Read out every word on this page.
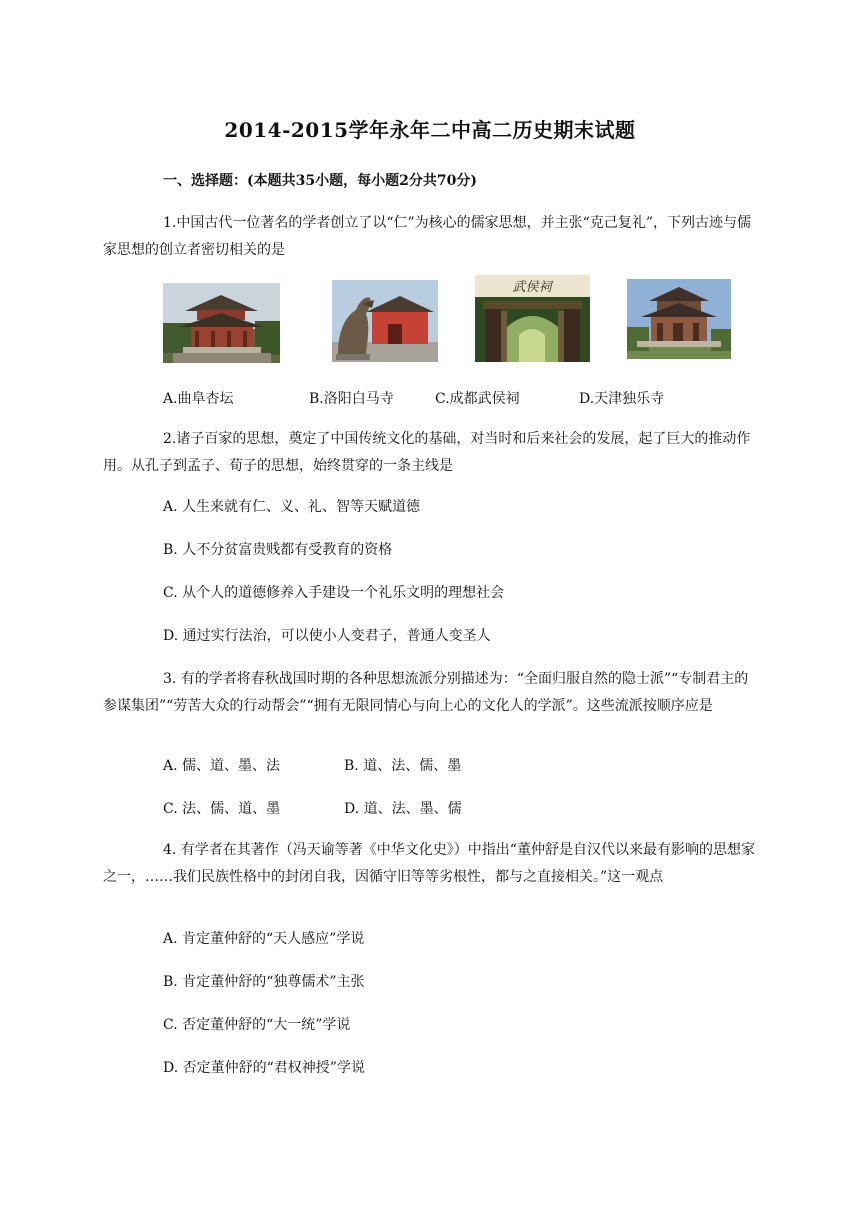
2014-2015学年永年二中高二历史期末试题
一、选择题：(本题共35小题，每小题2分共70分)
1.中国古代一位著名的学者创立了以“仁”为核心的儒家思想，并主张“克己复礼”，下列古迹与儒家思想的创立者密切相关的是
武侯祠
A.曲阜杏坛	B.洛阳白马寺	C.成都武侯祠	D.天津独乐寺
2.诸子百家的思想，奠定了中国传统文化的基础，对当时和后来社会的发展，起了巨大的推动作用。从孔子到孟子、荀子的思想，始终贯穿的一条主线是
A. 人生来就有仁、义、礼、智等天赋道德
B. 人不分贫富贵贱都有受教育的资格
C. 从个人的道德修养入手建设一个礼乐文明的理想社会
D. 通过实行法治，可以使小人变君子，普通人变圣人
3. 有的学者将春秋战国时期的各种思想流派分别描述为：“全面归服自然的隐士派”“专制君主的参谋集团”“劳苦大众的行动帮会”“拥有无限同情心与向上心的文化人的学派”。这些流派按顺序应是
A. 儒、道、墨、法	B. 道、法、儒、墨
C. 法、儒、道、墨	D. 道、法、墨、儒
4. 有学者在其著作（冯天谕等著《中华文化史》）中指出“董仲舒是自汉代以来最有影响的思想家之一，……我们民族性格中的封闭自我，因循守旧等等劣根性，都与之直接相关。”这一观点
A. 肯定董仲舒的“天人感应”学说
B. 肯定董仲舒的“独尊儒术”主张
C. 否定董仲舒的“大一统”学说
D. 否定董仲舒的“君权神授”学说
